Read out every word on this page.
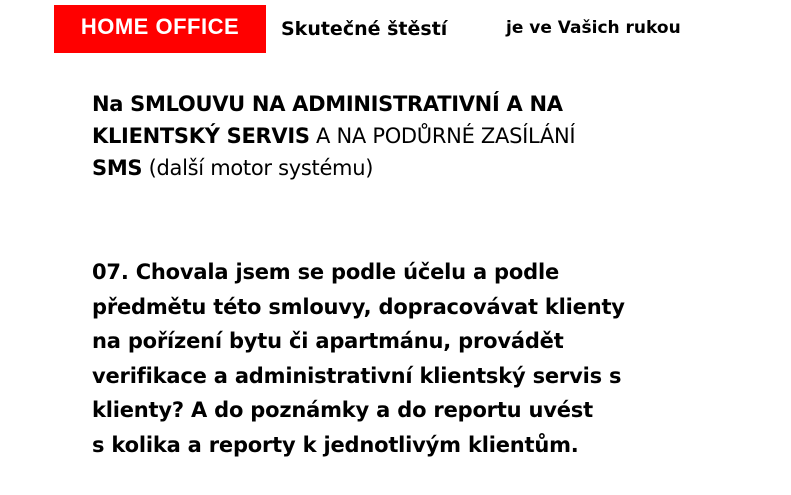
HOME OFFICE	Skutečné štěstí	je ve Vašich rukou
Na SMLOUVU NA ADMINISTRATIVNÍ A NA
KLIENTSKÝ SERVIS A NA PODŮRNÉ ZASÍLÁNÍ
SMS (další motor systému)

07. Chovala jsem se podle účelu a podle
předmětu této smlouvy, dopracovávat klienty
na pořízení bytu či apartmánu, provádět
verifikace a administrativní klientský servis s
klienty? A do poznámky a do reportu uvést
s kolika a reporty k jednotlivým klientům.
